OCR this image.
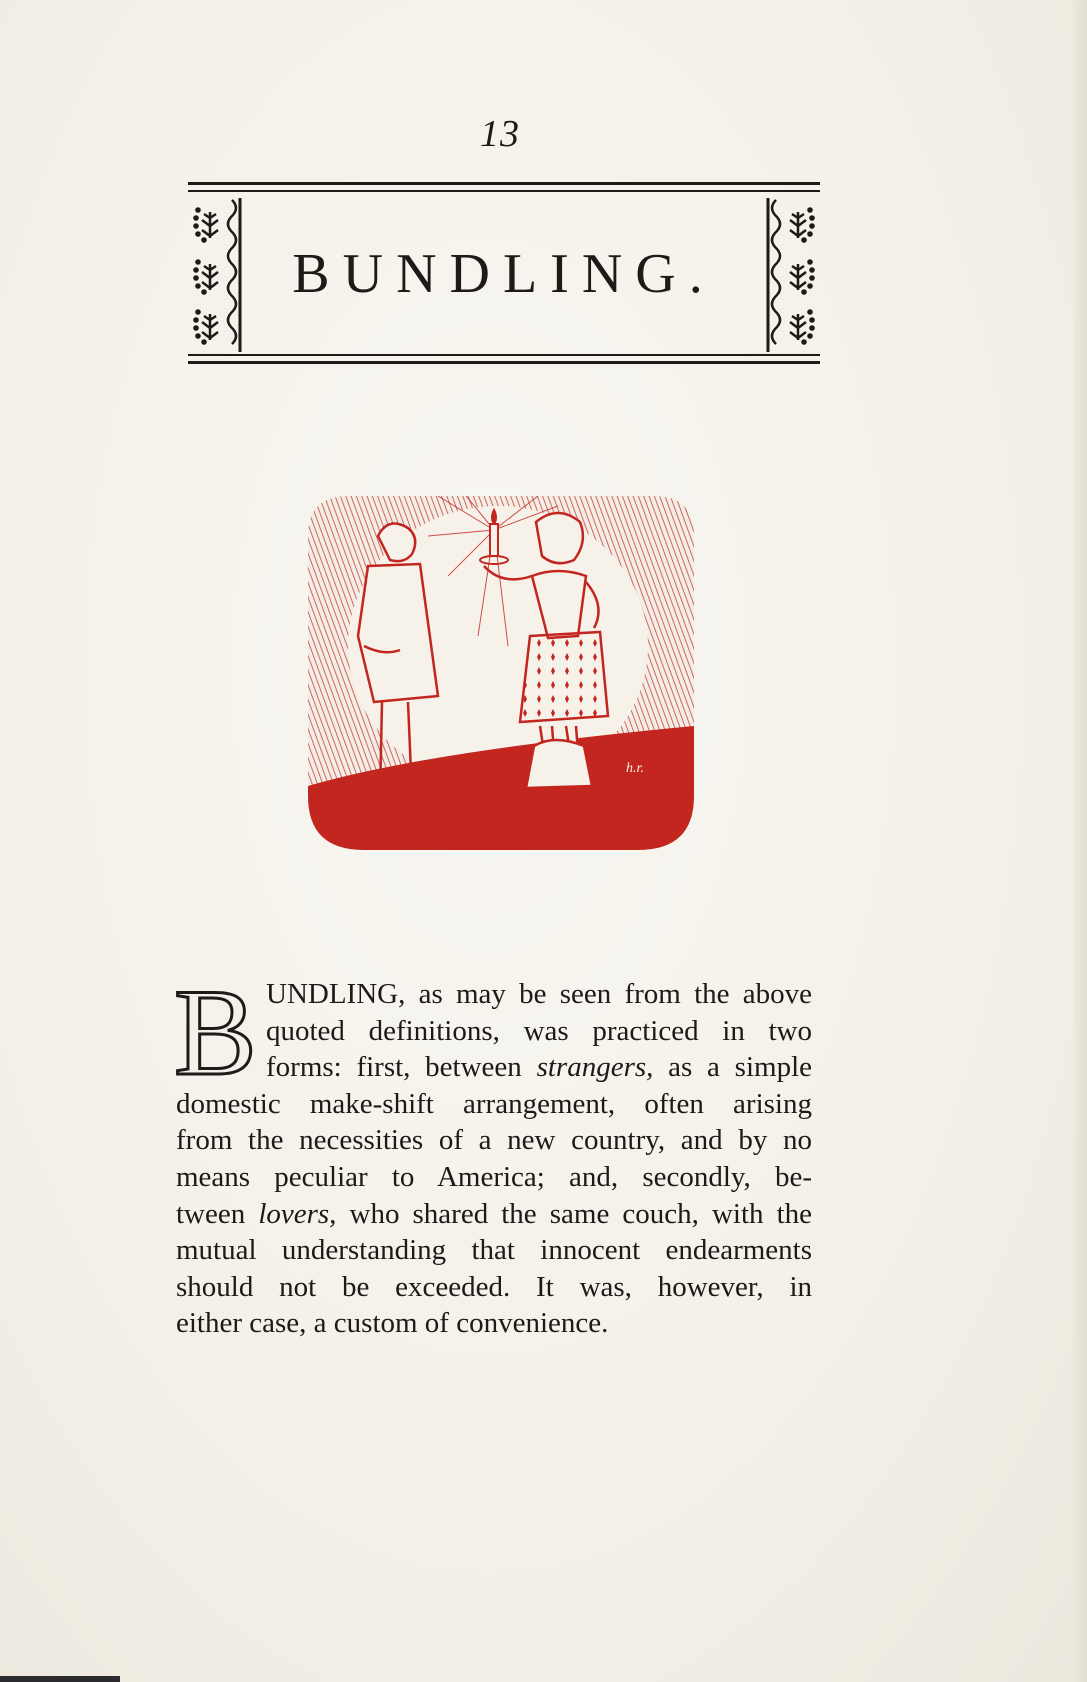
13
BUNDLING.
h.r.
B UNDLING, as may be seen from the above
quoted definitions, was practiced in two
forms: first, between strangers, as a simple
domestic make-shift arrangement, often arising
from the necessities of a new country, and by no
means peculiar to America; and, secondly, be-
tween lovers, who shared the same couch, with the
mutual understanding that innocent endearments
should not be exceeded. It was, however, in
either case, a custom of convenience.
